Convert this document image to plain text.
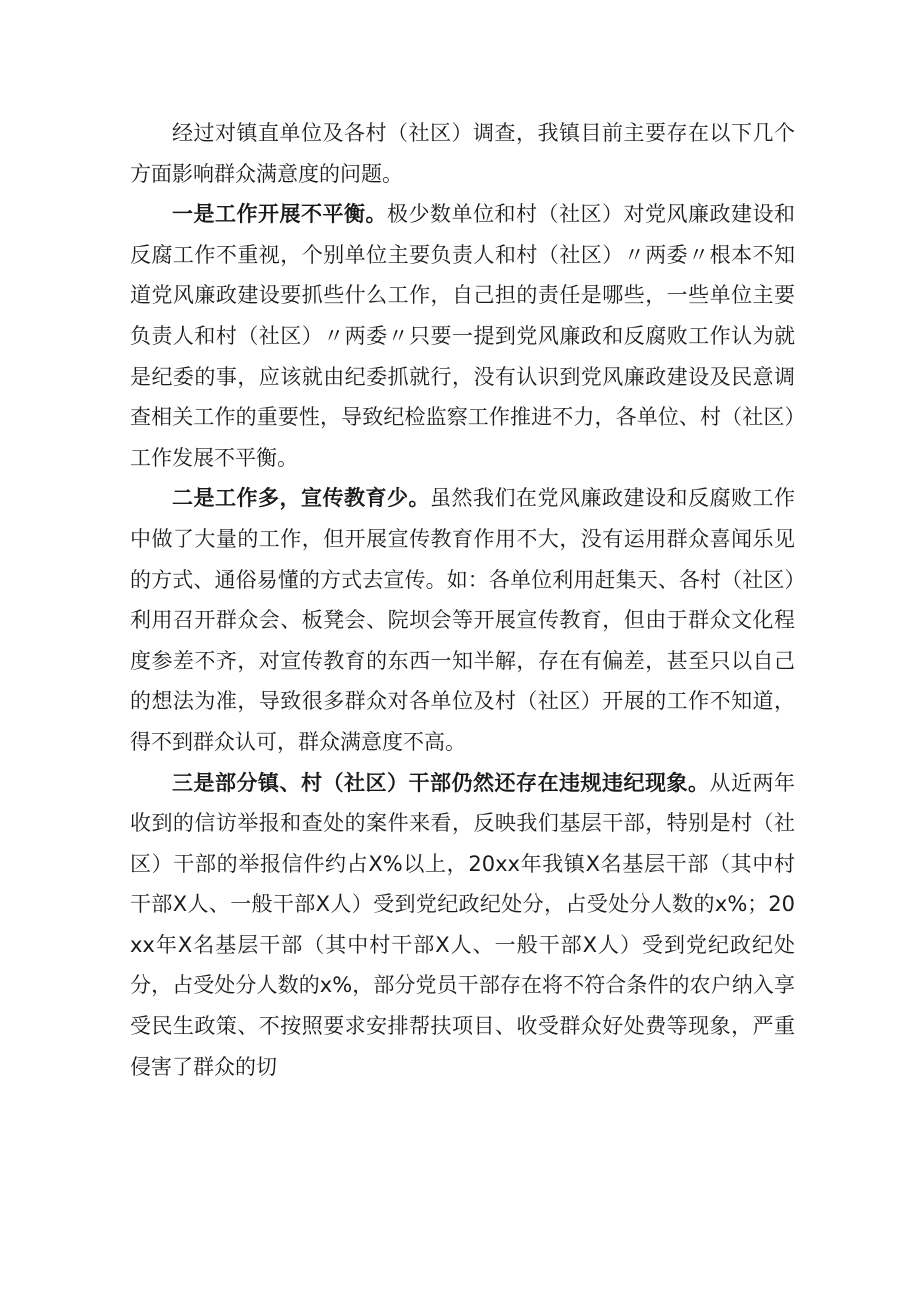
经过对镇直单位及各村（社区）调查，我镇目前主要存在以下几个方面影响群众满意度的问题。

一是工作开展不平衡。极少数单位和村（社区）对党风廉政建设和反腐工作不重视，个别单位主要负责人和村（社区）〃两委〃根本不知道党风廉政建设要抓些什么工作，自己担的责任是哪些，一些单位主要负责人和村（社区）〃两委〃只要一提到党风廉政和反腐败工作认为就是纪委的事，应该就由纪委抓就行，没有认识到党风廉政建设及民意调查相关工作的重要性，导致纪检监察工作推进不力，各单位、村（社区）工作发展不平衡。

二是工作多，宣传教育少。虽然我们在党风廉政建设和反腐败工作中做了大量的工作，但开展宣传教育作用不大，没有运用群众喜闻乐见的方式、通俗易懂的方式去宣传。如：各单位利用赶集天、各村（社区）利用召开群众会、板凳会、院坝会等开展宣传教育，但由于群众文化程度参差不齐，对宣传教育的东西一知半解，存在有偏差，甚至只以自己的想法为准，导致很多群众对各单位及村（社区）开展的工作不知道，得不到群众认可，群众满意度不高。

三是部分镇、村（社区）干部仍然还存在违规违纪现象。从近两年收到的信访举报和查处的案件来看，反映我们基层干部，特别是村（社区）干部的举报信件约占X%以上，20xx年我镇X名基层干部（其中村干部X人、一般干部X人）受到党纪政纪处分，占受处分人数的x%；20xx年X名基层干部（其中村干部X人、一般干部X人）受到党纪政纪处分，占受处分人数的x%，部分党员干部存在将不符合条件的农户纳入享受民生政策、不按照要求安排帮扶项目、收受群众好处费等现象，严重侵害了群众的切
